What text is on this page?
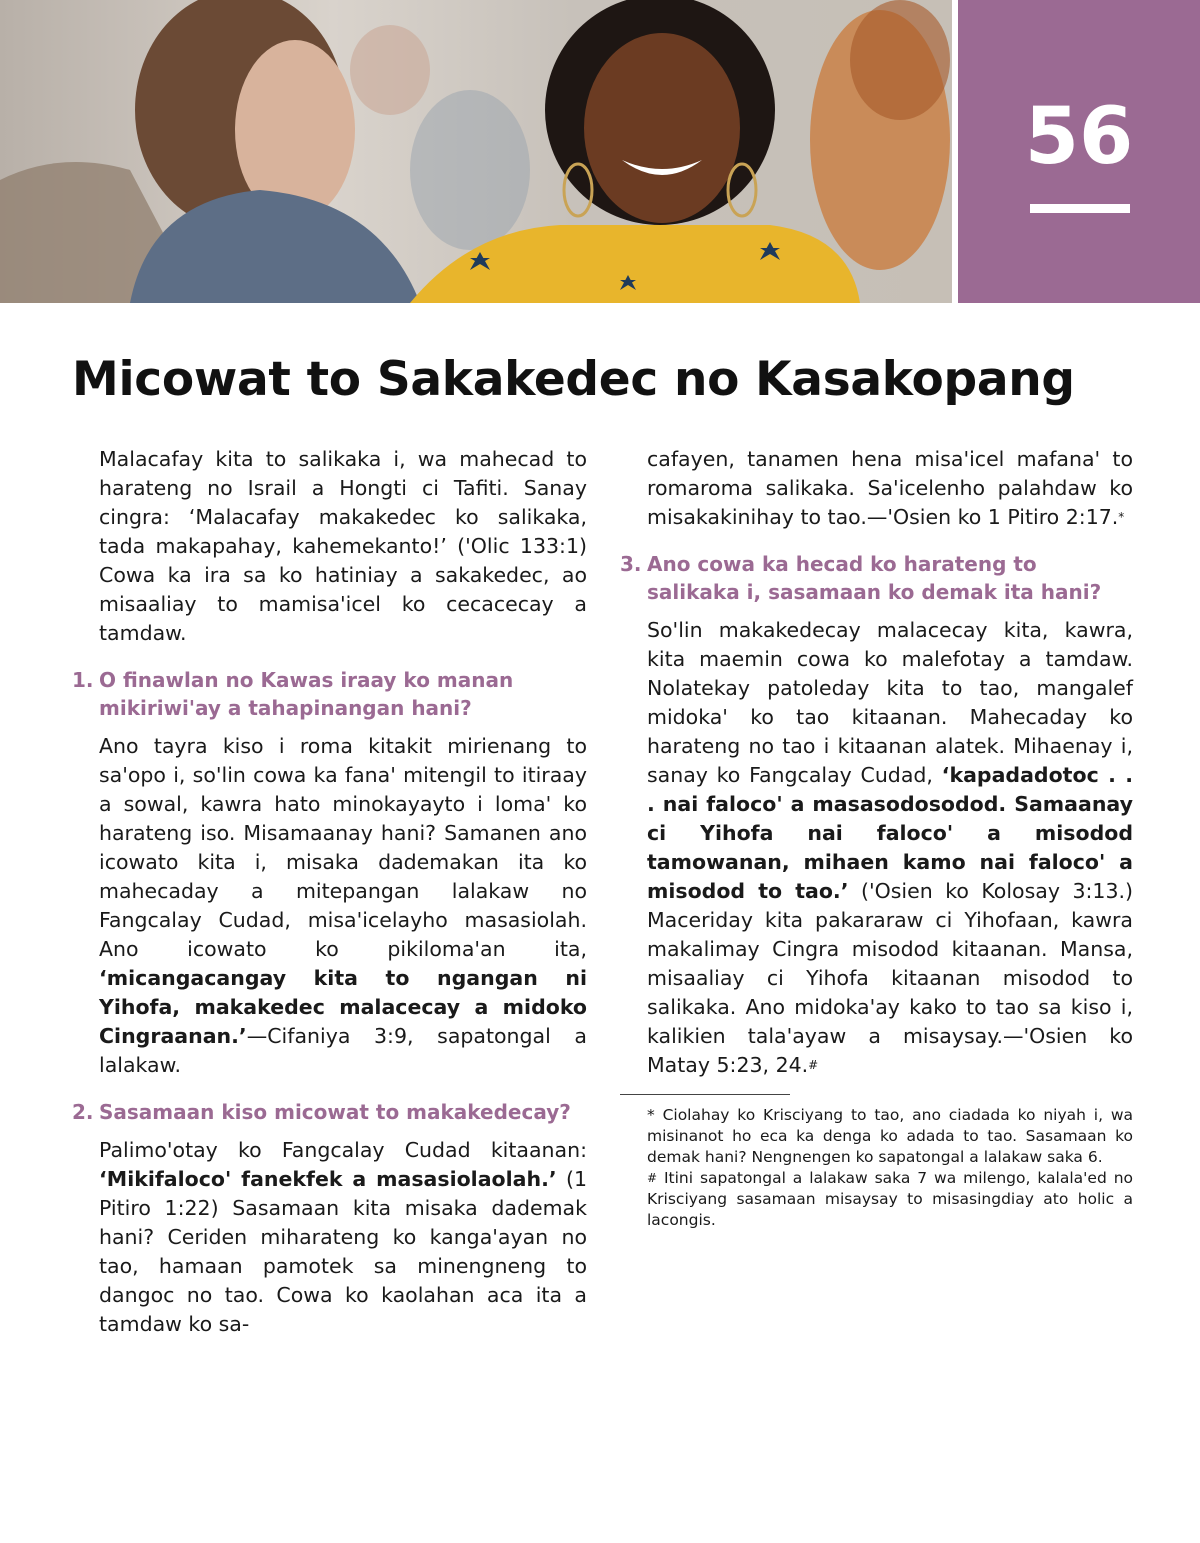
56
Micowat to Sakakedec no Kasakopang

Malacafay kita to salikaka i, wa mahecad to harateng no Israil a Hongti ci Tafiti. Sanay cingra: ‘Malacafay makakedec ko salikaka, tada makapahay, kahemekanto!’ ('Olic 133:1) Cowa ka ira sa ko hatiniay a sakakedec, ao misaaliay to mamisa'icel ko cecacecay a tamdaw.

1. O finawlan no Kawas iraay ko manan mikiriwi'ay a tahapinangan hani?

Ano tayra kiso i roma kitakit mirienang to sa'opo i, so'lin cowa ka fana' mitengil to itiraay a sowal, kawra hato minokayayto i loma' ko harateng iso. Misamaanay hani? Samanen ano icowato kita i, misaka dademakan ita ko mahecaday a mitepangan lalakaw no Fangcalay Cudad, misa'icelayho masasiolah. Ano icowato ko pikiloma'an ita, ‘micangacangay kita to ngangan ni Yihofa, makakedec malacecay a midoko Cingraanan.’—Cifaniya 3:9, sapatongal a lalakaw.

2. Sasamaan kiso micowat to makakedecay?

Palimo'otay ko Fangcalay Cudad kitaanan: ‘Mikifaloco' fanekfek a masasiolaolah.’ (1 Pitiro 1:22) Sasamaan kita misaka dademak hani? Ceriden miharateng ko kanga'ayan no tao, hamaan pamotek sa minengneng to dangoc no tao. Cowa ko kaolahan aca ita a tamdaw ko sa-

cafayen, tanamen hena misa'icel mafana' to romaroma salikaka. Sa'icelenho palahdaw ko misakakinihay to tao.—'Osien ko 1 Pitiro 2:17.*

3. Ano cowa ka hecad ko harateng to salikaka i, sasamaan ko demak ita hani?

So'lin makakedecay malacecay kita, kawra, kita maemin cowa ko malefotay a tamdaw. Nolatekay patoleday kita to tao, mangalef midoka' ko tao kitaanan. Mahecaday ko harateng no tao i kitaanan alatek. Mihaenay i, sanay ko Fangcalay Cudad, ‘kapadadotoc . . . nai faloco' a masasodosodod. Samaanay ci Yihofa nai faloco' a misodod tamowanan, mihaen kamo nai faloco' a misodod to tao.’ ('Osien ko Kolosay 3:13.) Maceriday kita pakararaw ci Yihofaan, kawra makalimay Cingra misodod kitaanan. Mansa, misaaliay ci Yihofa kitaanan misodod to salikaka. Ano midoka'ay kako to tao sa kiso i, kalikien tala'ayaw a misaysay.—'Osien ko Matay 5:23, 24.#

* Ciolahay ko Krisciyang to tao, ano ciadada ko niyah i, wa misinanot ho eca ka denga ko adada to tao. Sasamaan ko demak hani? Nengnengen ko sapatongal a lalakaw saka 6.

# Itini sapatongal a lalakaw saka 7 wa milengo, kalala'ed no Krisciyang sasamaan misaysay to misasingdiay ato holic a lacongis.
